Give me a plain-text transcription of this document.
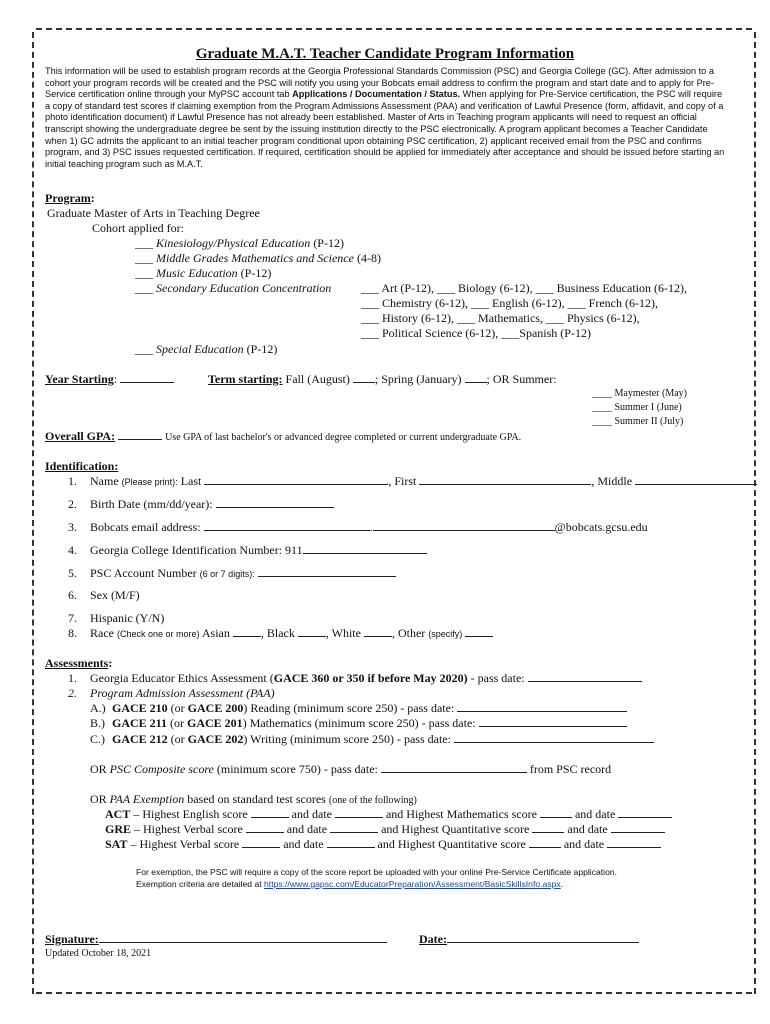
Graduate M.A.T. Teacher Candidate Program Information
This information will be used to establish program records at the Georgia Professional Standards Commission (PSC) and Georgia College (GC). After admission to a cohort your program records will be created and the PSC will notify you using your Bobcats email address to confirm the program and start date and to apply for Pre-Service certification online through your MyPSC account tab Applications / Documentation / Status. When applying for Pre-Service certification, the PSC will require a copy of standard test scores if claiming exemption from the Program Admissions Assessment (PAA) and verification of Lawful Presence (form, affidavit, and copy of a photo identification document) if Lawful Presence has not already been established. Master of Arts in Teaching program applicants will need to request an official transcript showing the undergraduate degree be sent by the issuing institution directly to the PSC electronically. A program applicant becomes a Teacher Candidate when 1) GC admits the applicant to an initial teacher program conditional upon obtaining PSC certification, 2) applicant received email from the PSC and confirms program, and 3) PSC issues requested certification. If required, certification should be applied for immediately after acceptance and should be issued before starting an initial teaching program such as M.A.T.
Program:
Graduate Master of Arts in Teaching Degree
Cohort applied for:
___ Kinesiology/Physical Education (P-12)
___ Middle Grades Mathematics and Science (4-8)
___ Music Education (P-12)
___ Secondary Education Concentration ___ Art (P-12), ___ Biology (6-12), ___ Business Education (6-12),
___ Chemistry (6-12), ___ English (6-12), ___ French (6-12),
___ History (6-12), ___ Mathematics, ___ Physics (6-12),
___ Political Science (6-12), ___Spanish (P-12)
___ Special Education (P-12)
Year Starting:	Term starting: Fall (August) ; Spring (January) ; OR Summer:
____ Maymester (May)
____ Summer I (June)
____ Summer II (July)
Overall GPA:	Use GPA of last bachelor's or advanced degree completed or current undergraduate GPA.
Identification:
1. Name (Please print): Last	, First	, Middle
2. Birth Date (mm/dd/year):
3. Bobcats email address:	.	@bobcats.gcsu.edu
4. Georgia College Identification Number: 911
5. PSC Account Number (6 or 7 digits):
6. Sex (M/F)
7. Hispanic (Y/N)
8. Race (Check one or more) Asian	, Black	, White	, Other (specify)
Assessments:
1. Georgia Educator Ethics Assessment (GACE 360 or 350 if before May 2020) - pass date:
2. Program Admission Assessment (PAA)
A.) GACE 210 (or GACE 200) Reading (minimum score 250) - pass date:
B.) GACE 211 (or GACE 201) Mathematics (minimum score 250) - pass date:
C.) GACE 212 (or GACE 202) Writing (minimum score 250) - pass date:
OR PSC Composite score (minimum score 750) - pass date:	from PSC record
OR PAA Exemption based on standard test scores (one of the following)
ACT – Highest English score	and date	and Highest Mathematics score	and date
GRE – Highest Verbal score	and date	and Highest Quantitative score	and date
SAT – Highest Verbal score	and date	and Highest Quantitative score	and date
For exemption, the PSC will require a copy of the score report be uploaded with your online Pre-Service Certificate application.
Exemption criteria are detailed at https://www.gapsc.com/EducatorPreparation/Assessment/BasicSkillsInfo.aspx.
Signature:	Date:
Updated October 18, 2021
